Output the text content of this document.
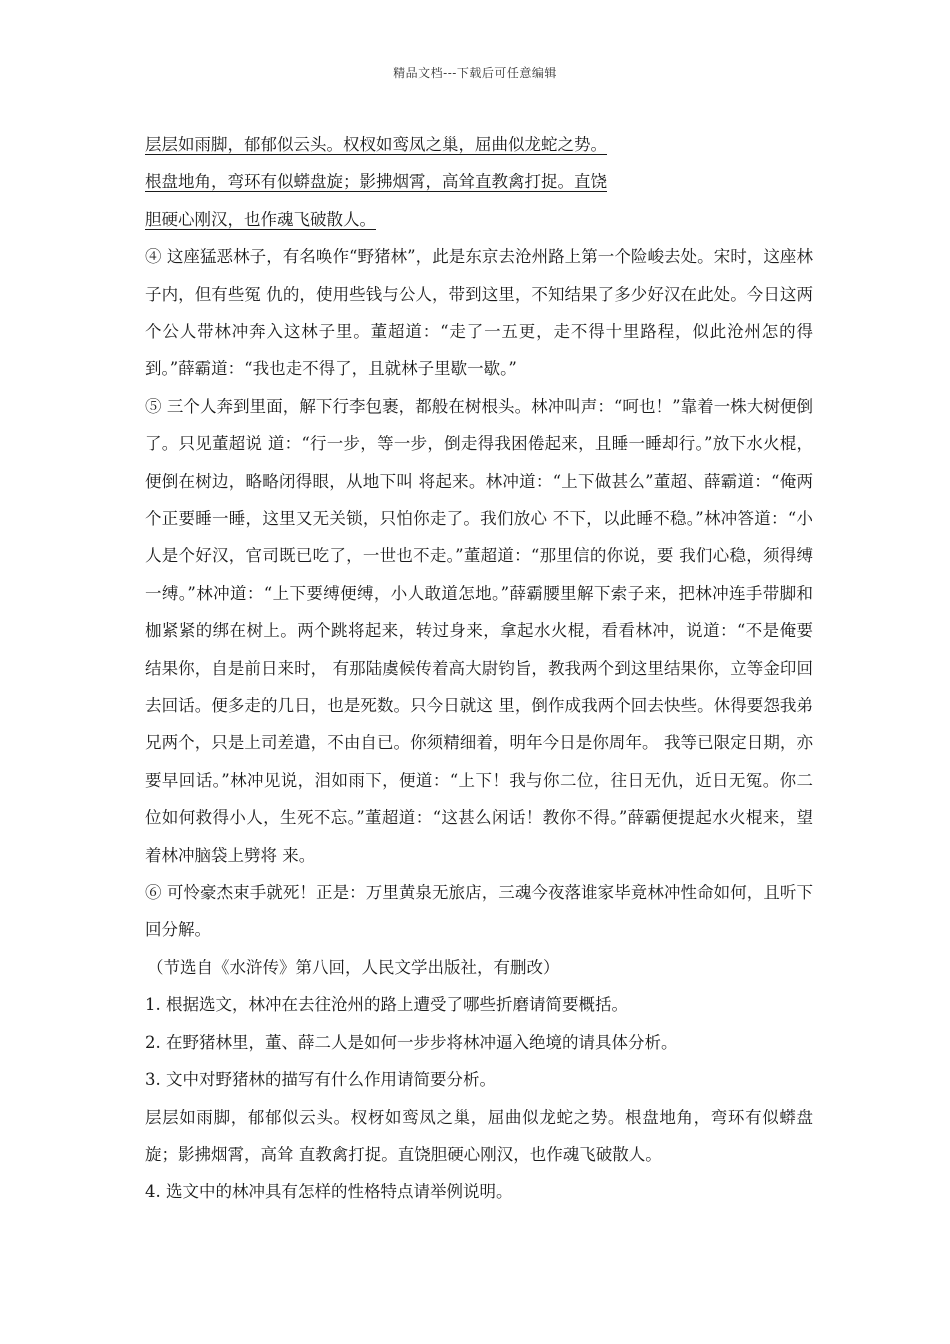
精品文档---下载后可任意编辑
层层如雨脚，郁郁似云头。权杈如鸾凤之巢，屈曲似龙蛇之势。
根盘地角，弯环有似蟒盘旋；影拂烟霄，高耸直教禽打捉。直饶
胆硬心刚汉，也作魂飞破散人。

④ 这座猛恶林子，有名唤作“野猪林”，此是东京去沧州路上第一个险峻去处。宋时，这座林子内，但有些冤 仇的，使用些钱与公人，带到这里，不知结果了多少好汉在此处。今日这两个公人带林冲奔入这林子里。董超道：“走了一五更，走不得十里路程，似此沧州怎的得到。”薛霸道：“我也走不得了，且就林子里歇一歇。”

⑤ 三个人奔到里面，解下行李包裹，都般在树根头。林冲叫声：“呵也！”靠着一株大树便倒了。只见董超说 道：“行一步，等一步，倒走得我困倦起来，且睡一睡却行。”放下水火棍，便倒在树边，略略闭得眼，从地下叫 将起来。林冲道：“上下做甚么”董超、薛霸道：“俺两个正要睡一睡，这里又无关锁，只怕你走了。我们放心 不下，以此睡不稳。”林冲答道：“小人是个好汉，官司既已吃了，一世也不走。”董超道：“那里信的你说，要 我们心稳，须得缚一缚。”林冲道：“上下要缚便缚，小人敢道怎地。”薛霸腰里解下索子来，把林冲连手带脚和 枷紧紧的绑在树上。两个跳将起来，转过身来，拿起水火棍，看看林冲，说道：“不是俺要结果你，自是前日来时， 有那陆虞候传着高大尉钧旨，教我两个到这里结果你，立等金印回去回话。便多走的几日，也是死数。只今日就这 里，倒作成我两个回去快些。休得要怨我弟兄两个，只是上司差遣，不由自已。你须精细着，明年今日是你周年。 我等已限定日期，亦要早回话。”林冲见说，泪如雨下，便道：“上下！我与你二位，往日无仇，近日无冤。你二 位如何救得小人，生死不忘。”董超道：“这甚么闲话！教你不得。”薛霸便提起水火棍来，望着林冲脑袋上劈将 来。

⑥ 可怜豪杰束手就死！正是：万里黄泉无旅店，三魂今夜落谁家毕竟林冲性命如何，且听下回分解。

（节选自《水浒传》第八回，人民文学出版社，有删改）

1. 根据选文，林冲在去往沧州的路上遭受了哪些折磨请简要概括。

2. 在野猪林里，董、薛二人是如何一步步将林冲逼入绝境的请具体分析。

3. 文中对野猪林的描写有什么作用请简要分析。

层层如雨脚，郁郁似云头。杈枒如鸾凤之巢，屈曲似龙蛇之势。根盘地角，弯环有似蟒盘旋；影拂烟霄，高耸 直教禽打捉。直饶胆硬心刚汉，也作魂飞破散人。

4. 选文中的林冲具有怎样的性格特点请举例说明。
